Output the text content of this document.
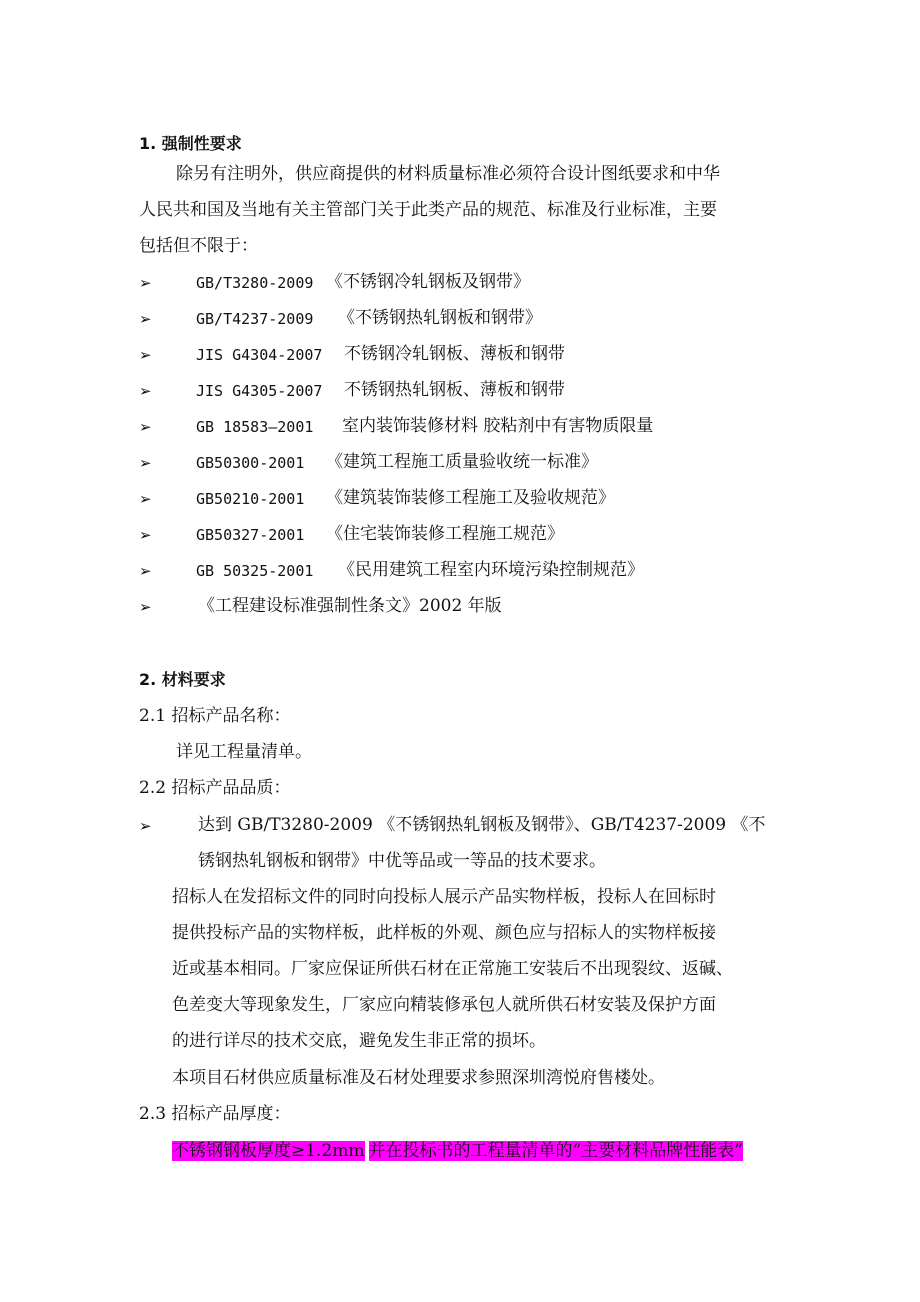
1. 强制性要求
除另有注明外，供应商提供的材料质量标准必须符合设计图纸要求和中华
人民共和国及当地有关主管部门关于此类产品的规范、标准及行业标准，主要
包括但不限于：
➢	GB/T3280-2009 《不锈钢冷轧钢板及钢带》
➢	GB/T4237-2009 《不锈钢热轧钢板和钢带》
➢	JIS G4304-2007 不锈钢冷轧钢板、薄板和钢带
➢	JIS G4305-2007 不锈钢热轧钢板、薄板和钢带
➢	GB 18583—2001 室内装饰装修材料 胶粘剂中有害物质限量
➢	GB50300-2001 《建筑工程施工质量验收统一标准》
➢	GB50210-2001 《建筑装饰装修工程施工及验收规范》
➢	GB50327-2001 《住宅装饰装修工程施工规范》
➢	GB 50325-2001 《民用建筑工程室内环境污染控制规范》
➢	《工程建设标准强制性条文》2002 年版
2. 材料要求
2.1 招标产品名称：
详见工程量清单。
2.2 招标产品品质：
➢	达到 GB/T3280-2009 《不锈钢热轧钢板及钢带》、GB/T4237-2009 《不
锈钢热轧钢板和钢带》中优等品或一等品的技术要求。
招标人在发招标文件的同时向投标人展示产品实物样板，投标人在回标时
提供投标产品的实物样板，此样板的外观、颜色应与招标人的实物样板接
近或基本相同。厂家应保证所供石材在正常施工安装后不出现裂纹、返碱、
色差变大等现象发生，厂家应向精装修承包人就所供石材安装及保护方面
的进行详尽的技术交底，避免发生非正常的损坏。
本项目石材供应质量标准及石材处理要求参照深圳湾悦府售楼处。
2.3 招标产品厚度：
不锈钢钢板厚度≥1.2mm 并在投标书的工程量清单的“主要材料品牌性能表”
